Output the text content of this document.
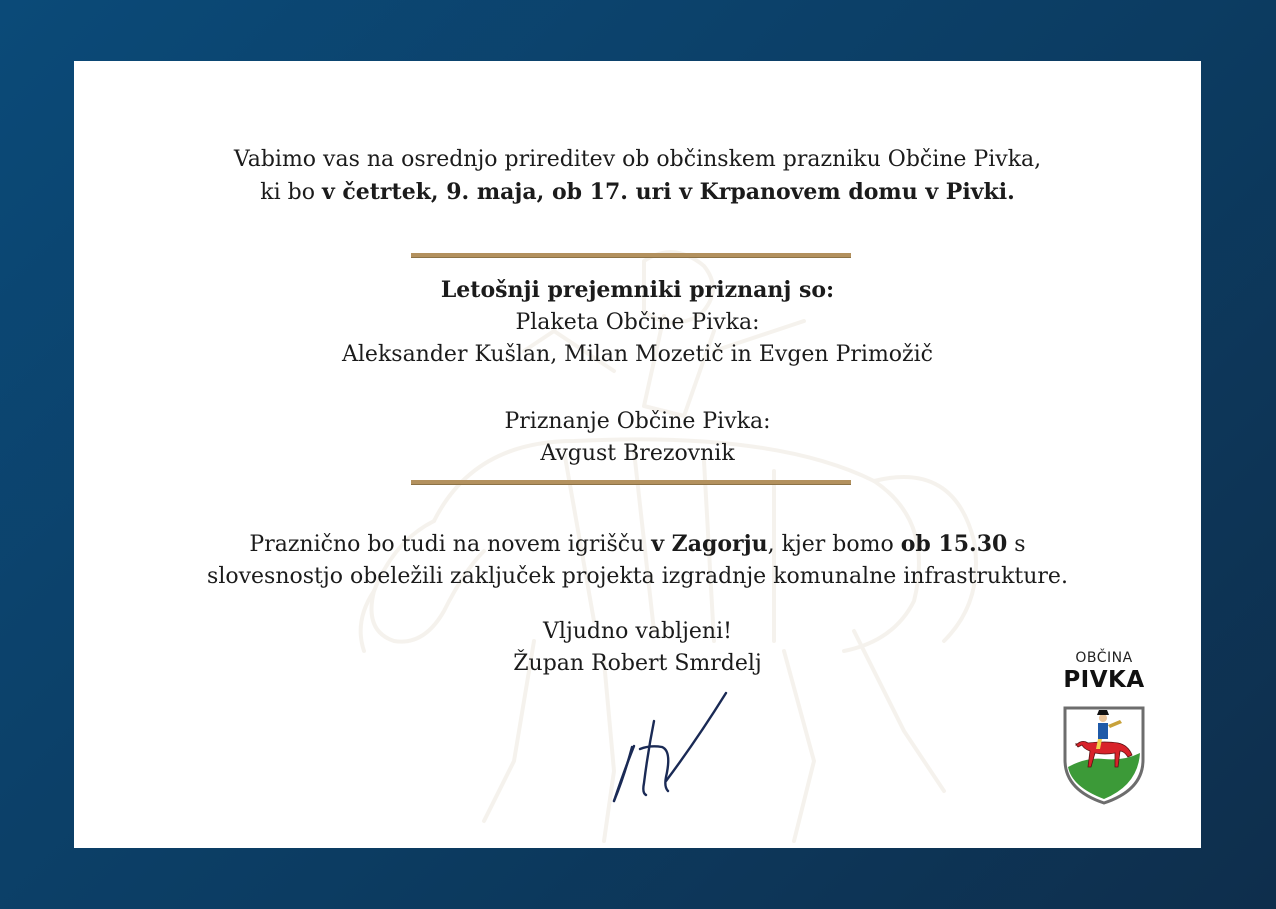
Vabimo vas na osrednjo prireditev ob občinskem prazniku Občine Pivka,
ki bo v četrtek, 9. maja, ob 17. uri v Krpanovem domu v Pivki.
Letošnji prejemniki priznanj so:
Plaketa Občine Pivka:
Aleksander Kušlan, Milan Mozetič in Evgen Primožič
Priznanje Občine Pivka:
Avgust Brezovnik
Praznično bo tudi na novem igrišču v Zagorju, kjer bomo ob 15.30 s
slovesnostjo obeležili zaključek projekta izgradnje komunalne infrastrukture.
Vljudno vabljeni!
Župan Robert Smrdelj	OBČINA
PIVKA
